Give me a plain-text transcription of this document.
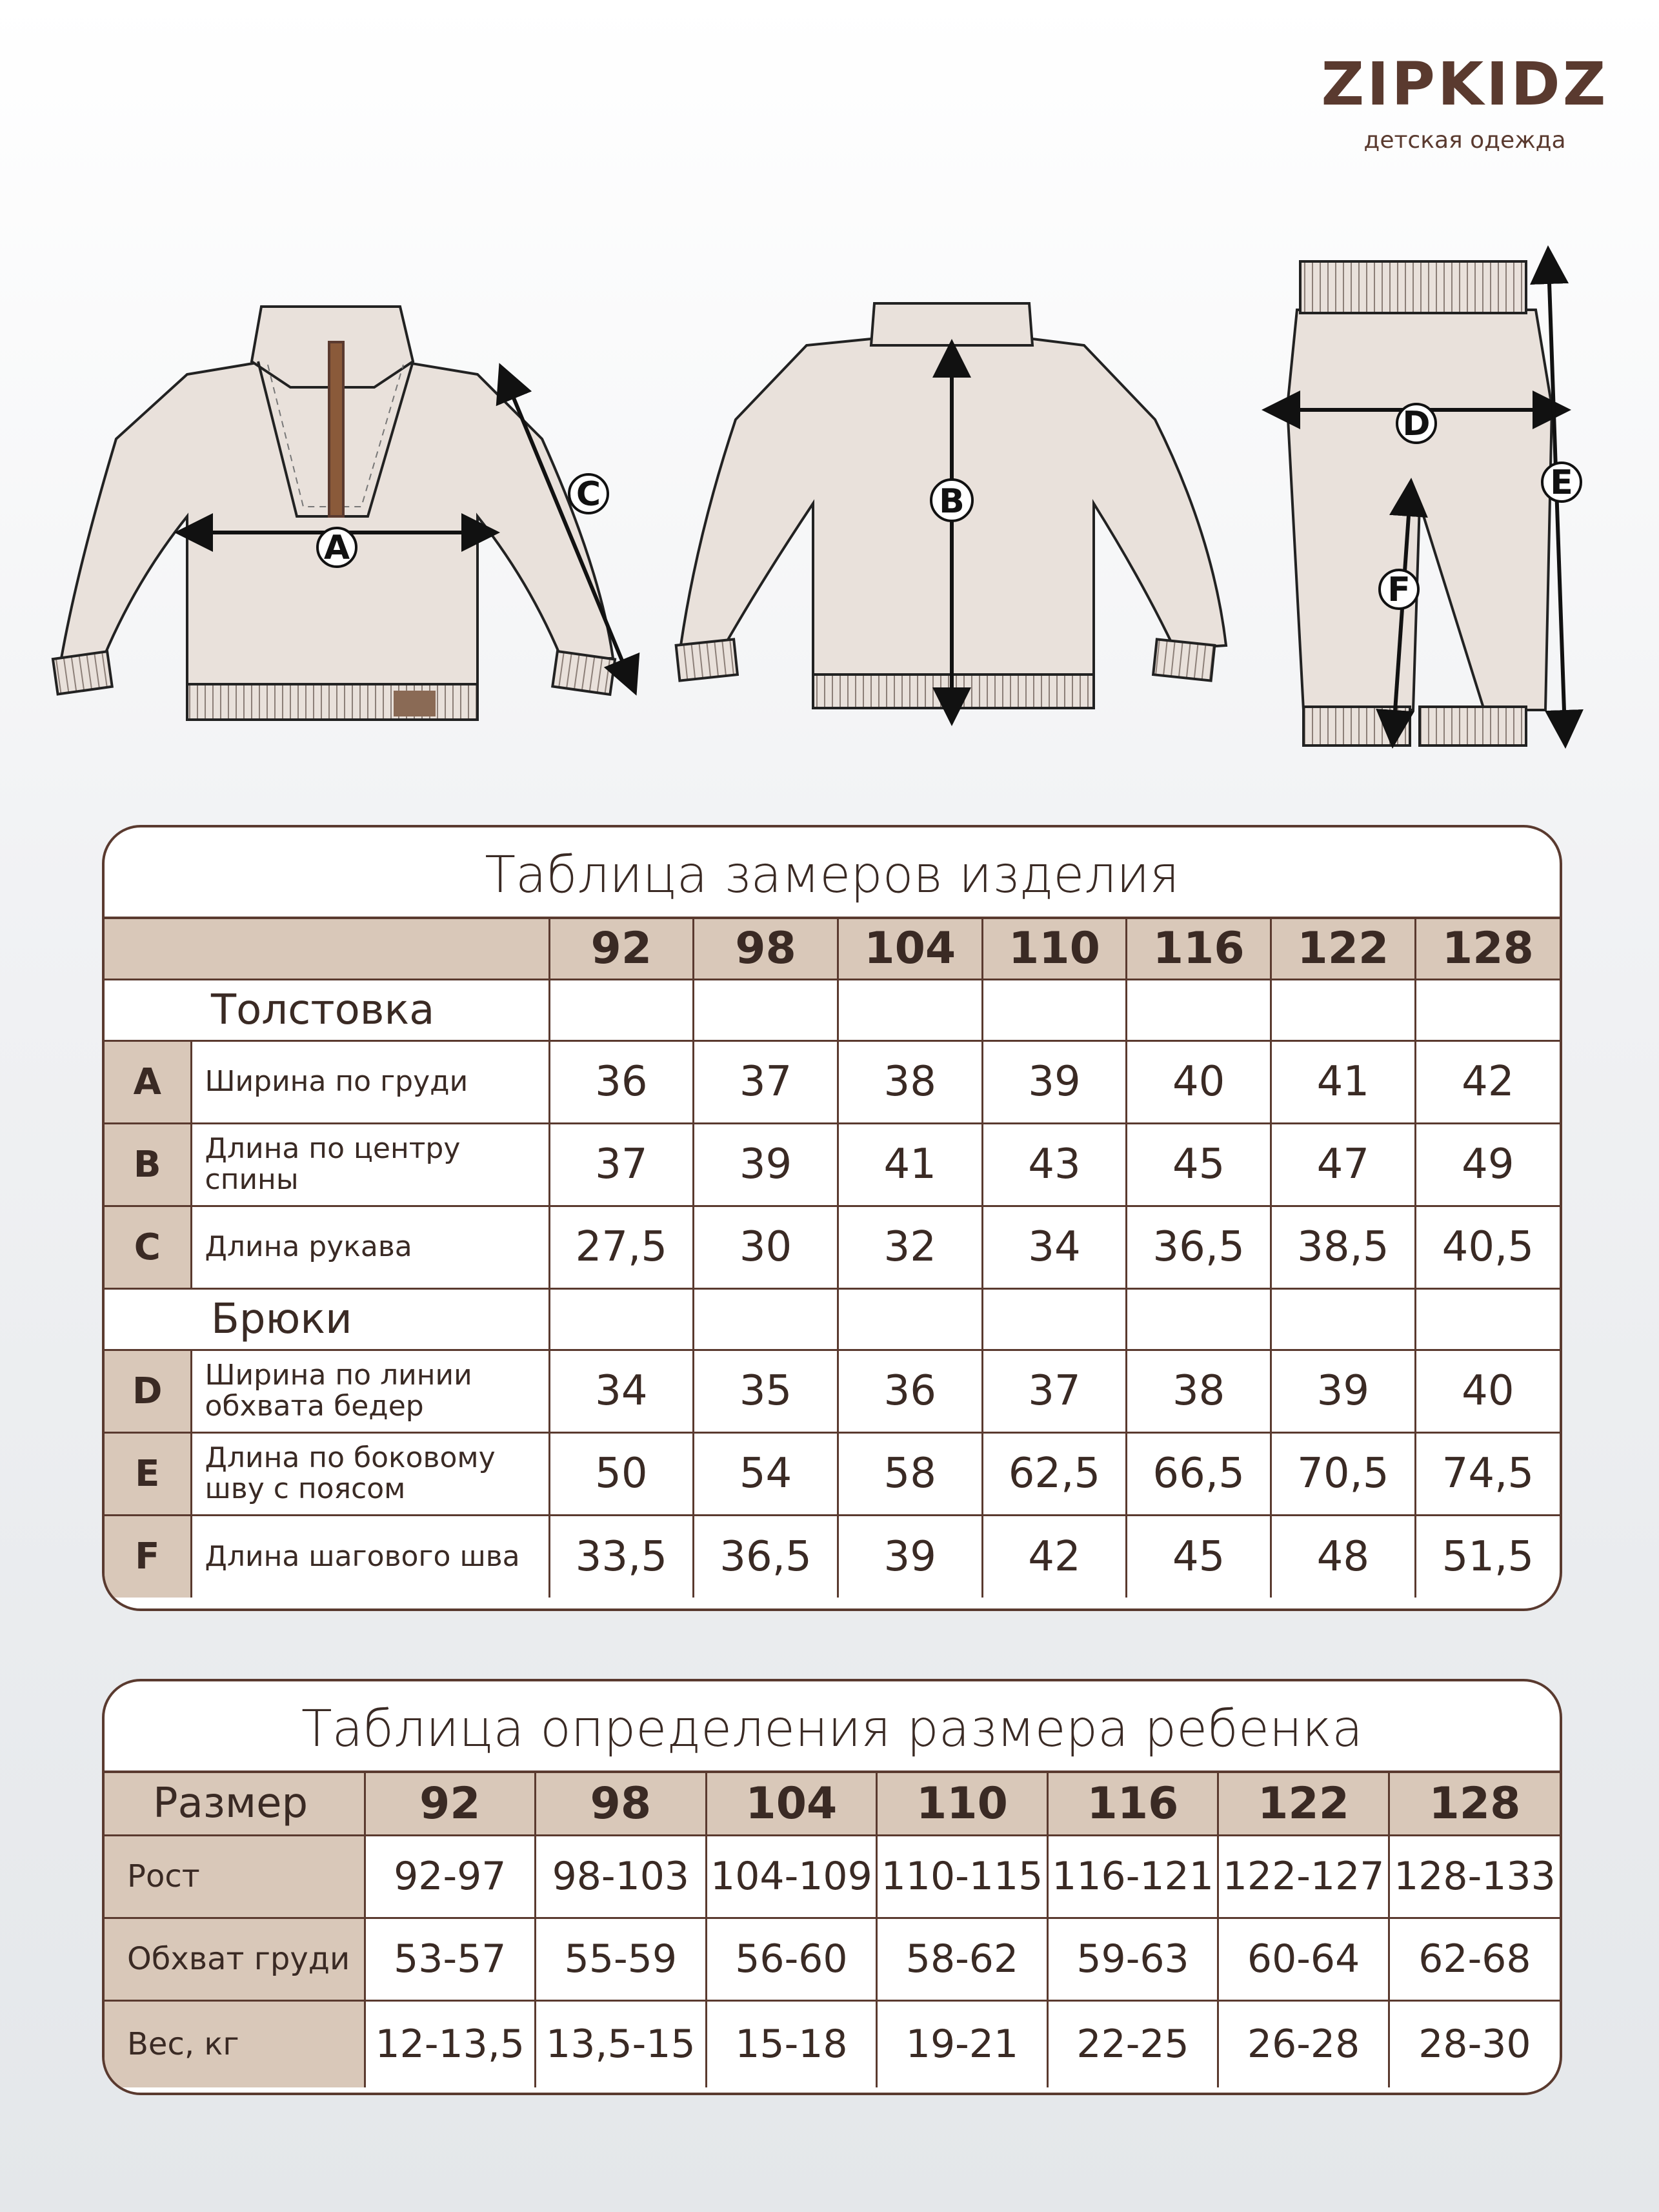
ZIPKIDZ
детская одежда
A
C	B
D
E
F
Таблица замеров изделия
		92	98	104	110	116	122	128
Толстовка								
A	Ширина по груди	36	37	38	39	40	41	42
B	Длина по центру спины	37	39	41	43	45	47	49
C	Длина рукава	27,5	30	32	34	36,5	38,5	40,5
Брюки								
D	Ширина по линии обхвата бедер	34	35	36	37	38	39	40
E	Длина по боковому шву с поясом	50	54	58	62,5	66,5	70,5	74,5
F	Длина шагового шва	33,5	36,5	39	42	45	48	51,5
Таблица определения размера ребенка
Размер	92	98	104	110	116	122	128
Рост	92-97	98-103	104-109	110-115	116-121	122-127	128-133
Обхват груди	53-57	55-59	56-60	58-62	59-63	60-64	62-68
Вес, кг	12-13,5	13,5-15	15-18	19-21	22-25	26-28	28-30
